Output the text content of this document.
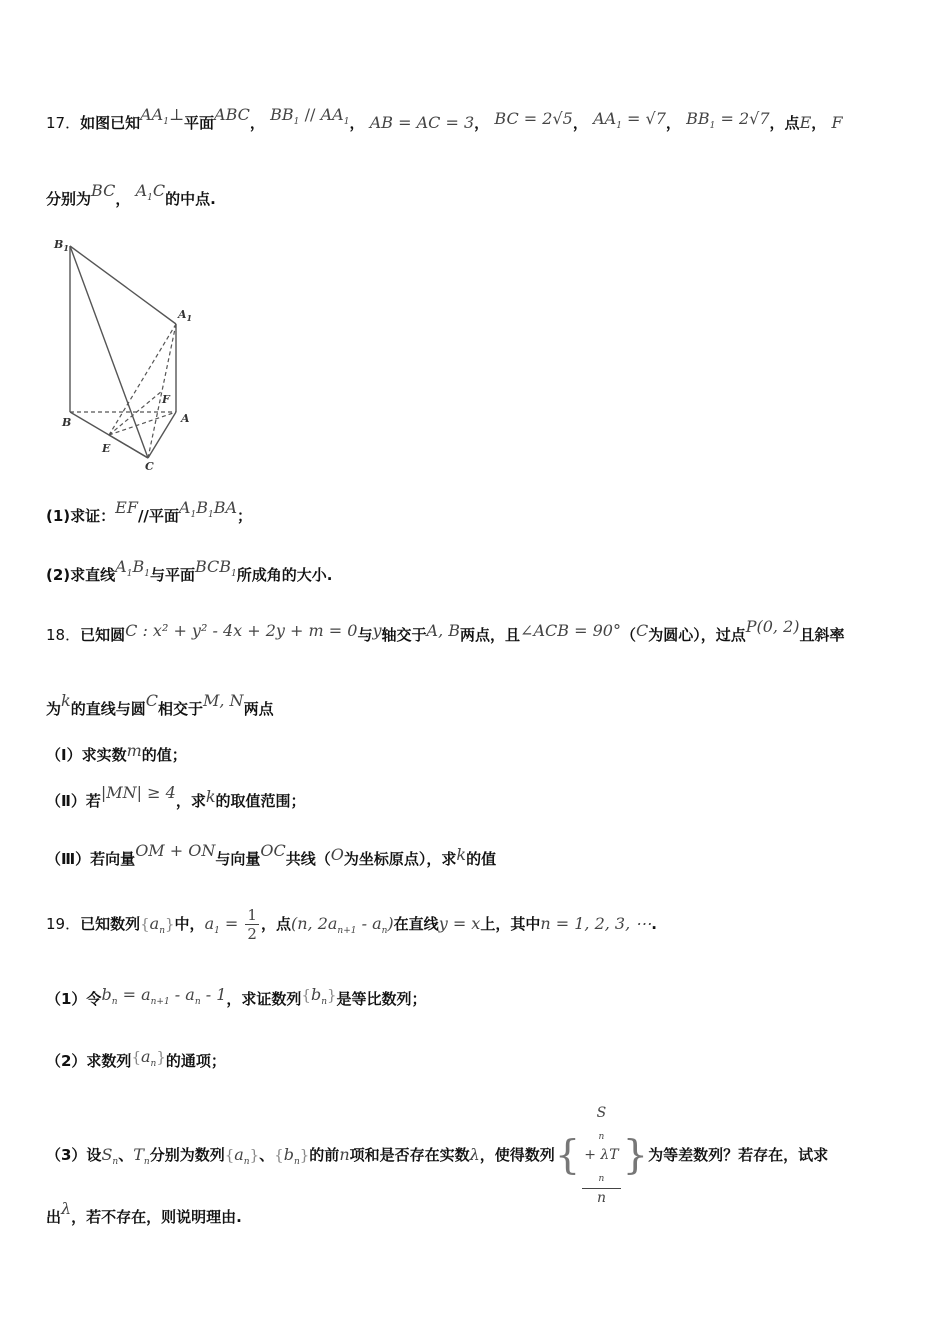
17．如图已知$AA_1\perp$平面ABC， $BB_1 // AA_1$， AB = AC = 3， BC = 2√5， $AA_1 = √7$， $BB_1 = 2√7$，点E， F
分别为BC， $A_1C$的中点.
$B_1$
$A_1$
F
A
B
E
C
(1)求证：EF//平面$A_1B_1BA$；
(2)求直线$A_1B_1$与平面$BCB_1$所成角的大小.
18．已知圆C : x² + y² - 4x + 2y + m = 0与y轴交于A, B两点，且∠ACB = 90°（C为圆心），过点P(0, 2)且斜率
为k的直线与圆C相交于M, N两点
（Ⅰ）求实数m的值；
（Ⅱ）若|MN| ≥ 4，求k的取值范围；
（Ⅲ）若向量OM + ON与向量OC共线（O为坐标原点），求k的值
19．已知数列$\{a_n\}$中，$a_1 = \frac{1}{2}$ ，点(n, $2a_{n+1} - a_n$)在直线y = x上，其中n = 1, 2, 3, ⋯.
（1）令$b_n = a_{n+1} - a_n - 1$，求证数列$\{b_n\}$是等比数列；
（2）求数列$\{a_n\}$的通项；
（3）设$S_n$、$T_n$分别为数列$\{a_n\}$、$\{b_n\}$的前n项和是否存在实数λ，使得数列{ S
$_n$
+ λT
$_n$
n }为等差数列？若存在，试求
出λ，若不存在，则说明理由.
